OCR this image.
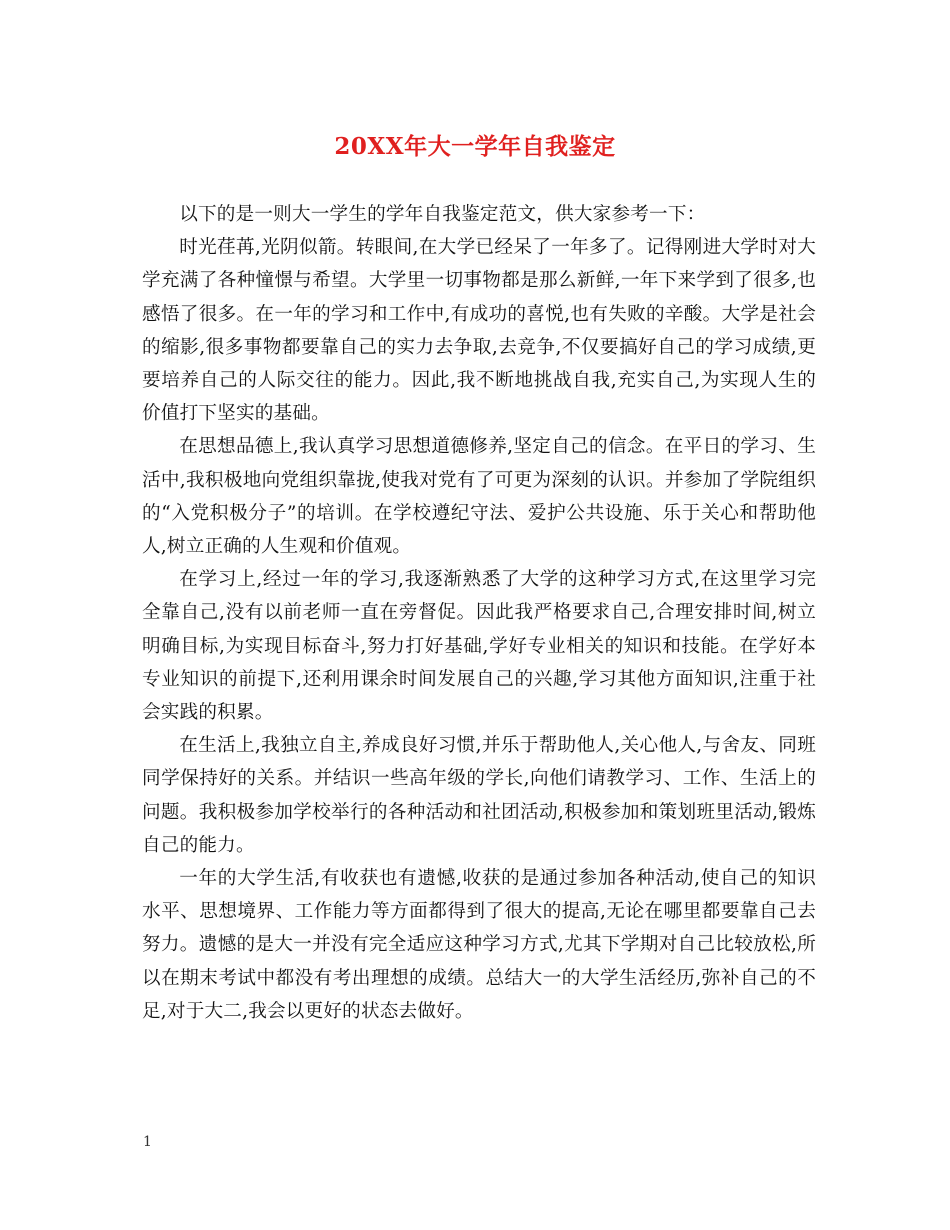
20XX年大一学年自我鉴定

以下的是一则大一学生的学年自我鉴定范文，供大家参考一下：

时光荏苒,光阴似箭。转眼间,在大学已经呆了一年多了。记得刚进大学时对大学充满了各种憧憬与希望。大学里一切事物都是那么新鲜,一年下来学到了很多,也感悟了很多。在一年的学习和工作中,有成功的喜悦,也有失败的辛酸。大学是社会的缩影,很多事物都要靠自己的实力去争取,去竞争,不仅要搞好自己的学习成绩,更要培养自己的人际交往的能力。因此,我不断地挑战自我,充实自己,为实现人生的价值打下坚实的基础。

在思想品德上,我认真学习思想道德修养,坚定自己的信念。在平日的学习、生活中,我积极地向党组织靠拢,使我对党有了可更为深刻的认识。并参加了学院组织的“入党积极分子”的培训。在学校遵纪守法、爱护公共设施、乐于关心和帮助他人,树立正确的人生观和价值观。

在学习上,经过一年的学习,我逐渐熟悉了大学的这种学习方式,在这里学习完全靠自己,没有以前老师一直在旁督促。因此我严格要求自己,合理安排时间,树立明确目标,为实现目标奋斗,努力打好基础,学好专业相关的知识和技能。在学好本专业知识的前提下,还利用课余时间发展自己的兴趣,学习其他方面知识,注重于社会实践的积累。

在生活上,我独立自主,养成良好习惯,并乐于帮助他人,关心他人,与舍友、同班同学保持好的关系。并结识一些高年级的学长,向他们请教学习、工作、生活上的问题。我积极参加学校举行的各种活动和社团活动,积极参加和策划班里活动,锻炼自己的能力。

一年的大学生活,有收获也有遗憾,收获的是通过参加各种活动,使自己的知识水平、思想境界、工作能力等方面都得到了很大的提高,无论在哪里都要靠自己去努力。遗憾的是大一并没有完全适应这种学习方式,尤其下学期对自己比较放松,所以在期末考试中都没有考出理想的成绩。总结大一的大学生活经历,弥补自己的不足,对于大二,我会以更好的状态去做好。

1
